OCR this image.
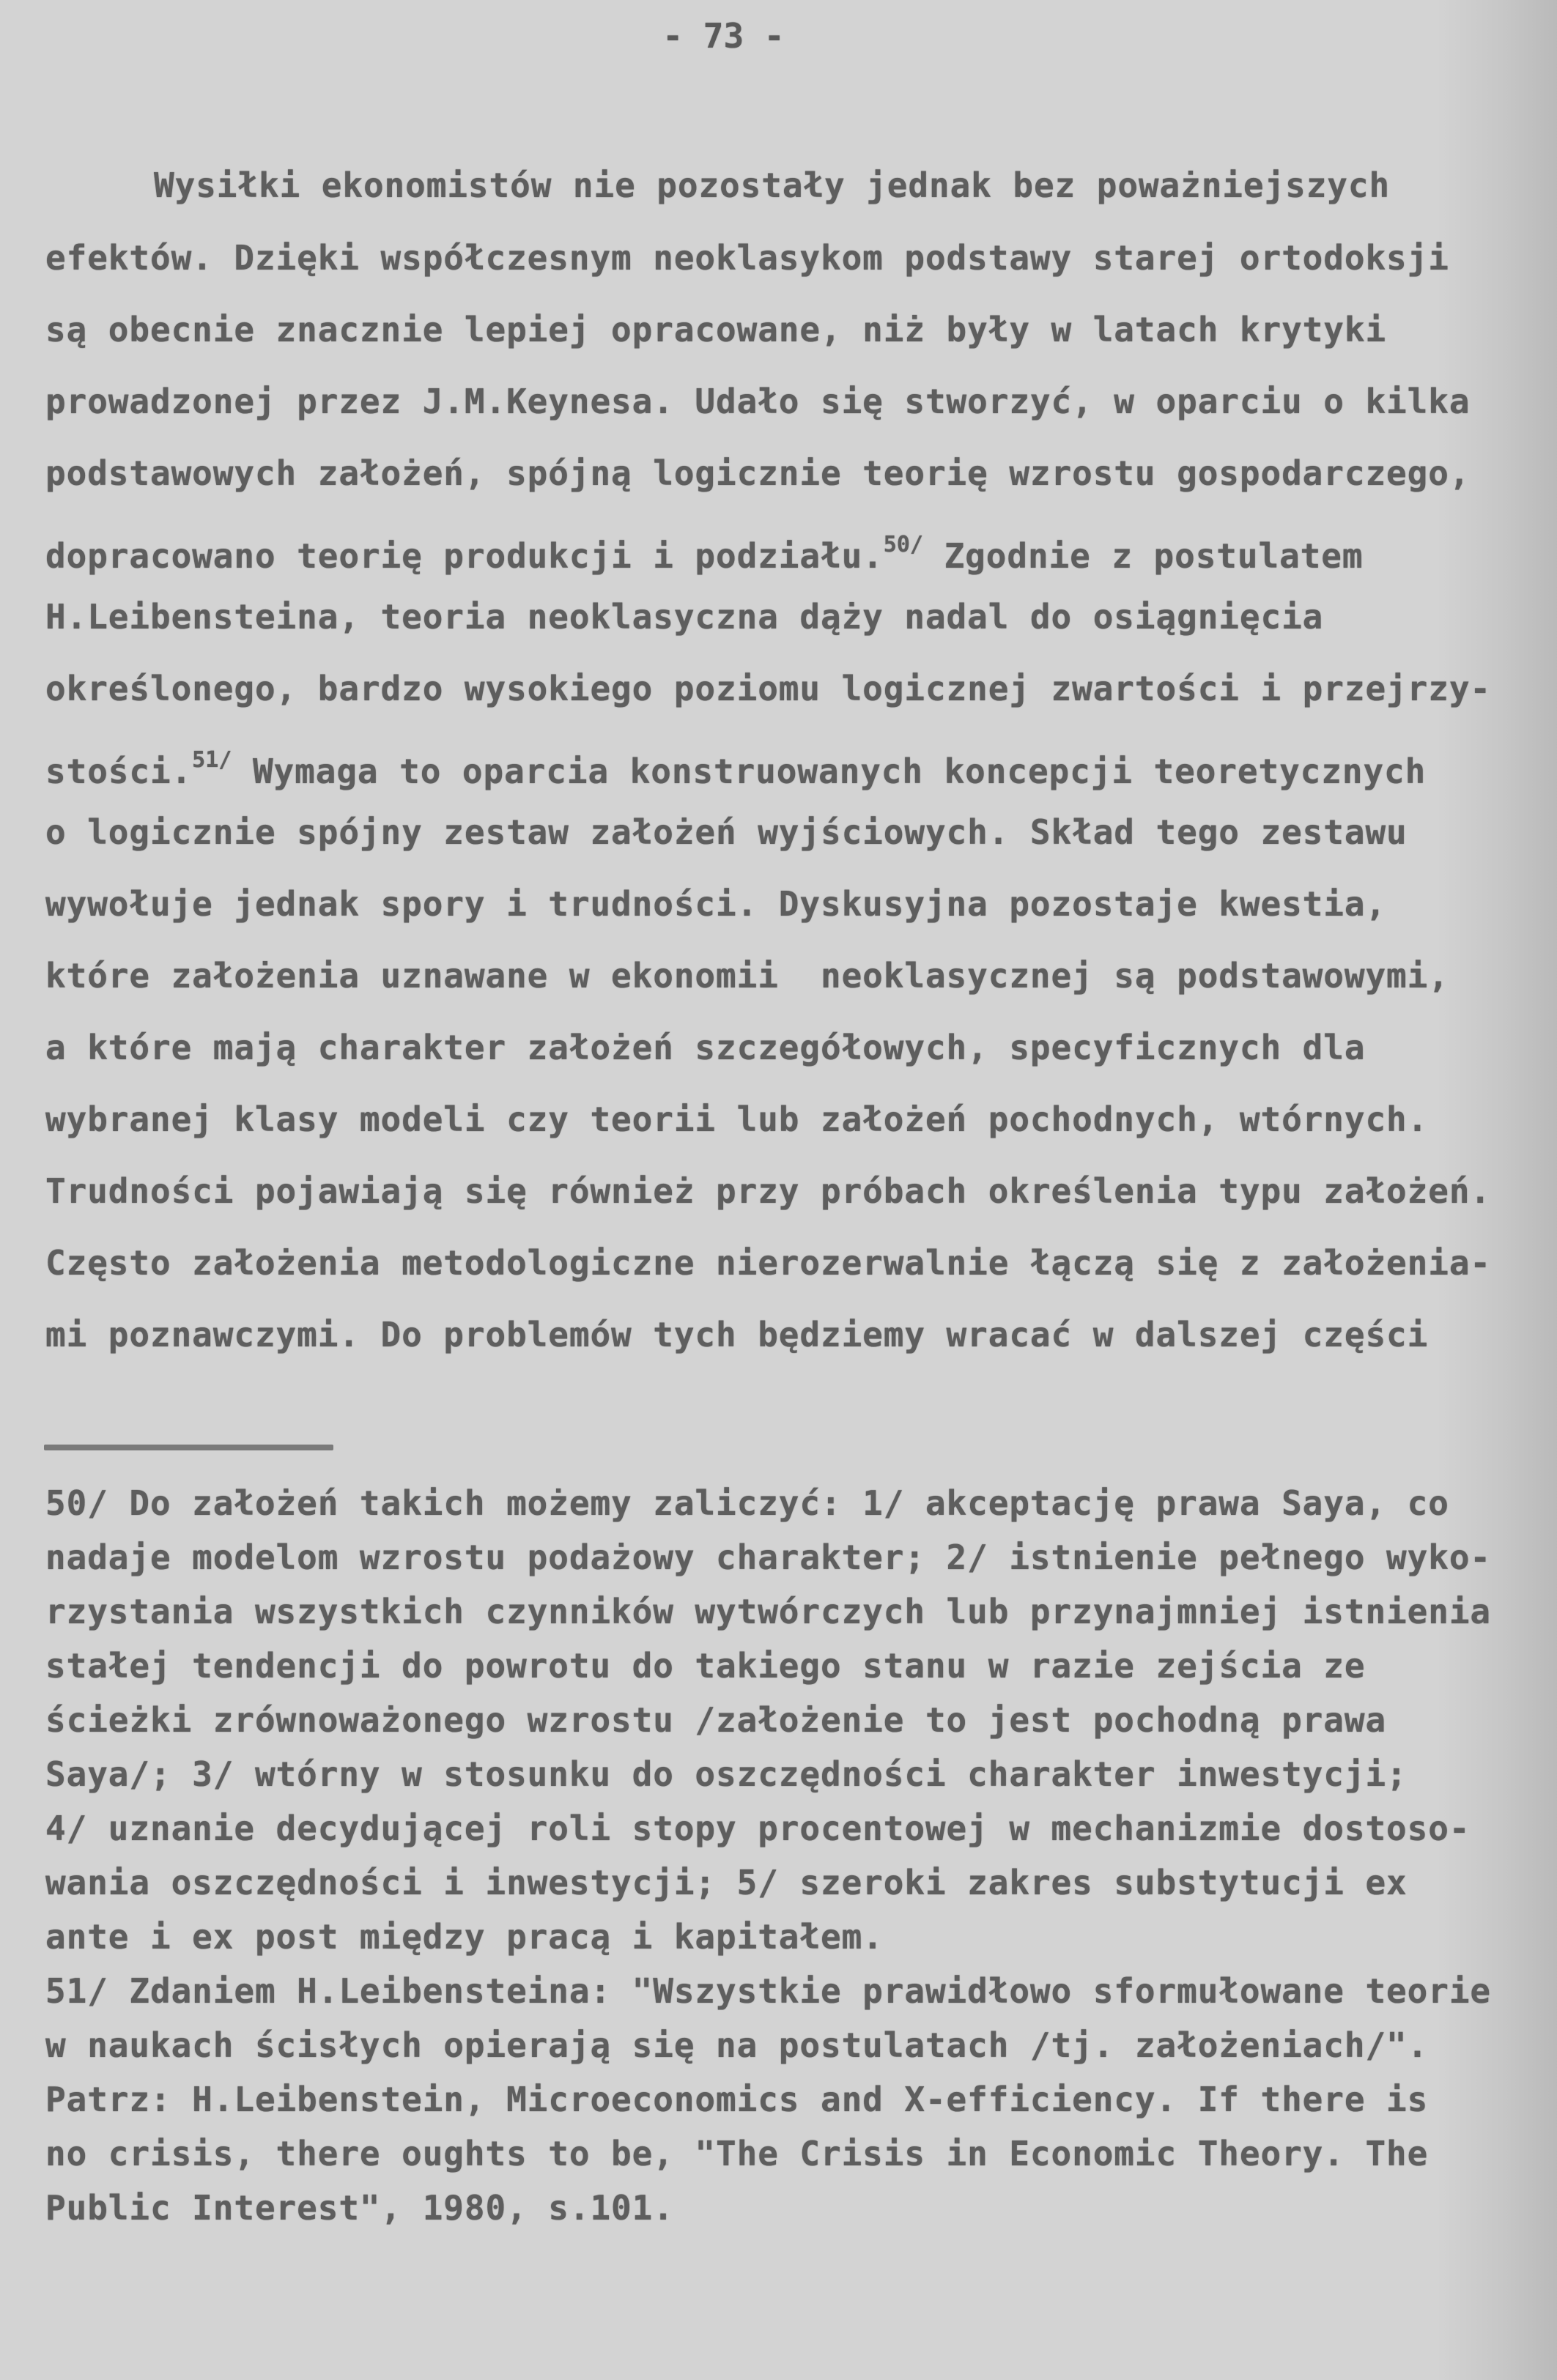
- 73 -
Wysiłki ekonomistów nie pozostały jednak bez poważniejszych
efektów. Dzięki współczesnym neoklasykom podstawy starej ortodoksji
są obecnie znacznie lepiej opracowane, niż były w latach krytyki
prowadzonej przez J.M.Keynesa. Udało się stworzyć, w oparciu o kilka
podstawowych założeń, spójną logicznie teorię wzrostu gospodarczego,
dopracowano teorię produkcji i podziału.$^{50/}$ Zgodnie z postulatem
H.Leibensteina, teoria neoklasyczna dąży nadal do osiągnięcia
określonego, bardzo wysokiego poziomu logicznej zwartości i przejrzy-
stości.$^{51/}$ Wymaga to oparcia konstruowanych koncepcji teoretycznych
o logicznie spójny zestaw założeń wyjściowych. Skład tego zestawu
wywołuje jednak spory i trudności. Dyskusyjna pozostaje kwestia,
które założenia uznawane w ekonomii  neoklasycznej są podstawowymi,
a które mają charakter założeń szczegółowych, specyficznych dla
wybranej klasy modeli czy teorii lub założeń pochodnych, wtórnych.
Trudności pojawiają się również przy próbach określenia typu założeń.
Często założenia metodologiczne nierozerwalnie łączą się z założenia-
mi poznawczymi. Do problemów tych będziemy wracać w dalszej części
50/ Do założeń takich możemy zaliczyć: 1/ akceptację prawa Saya, co
nadaje modelom wzrostu podażowy charakter; 2/ istnienie pełnego wyko-
rzystania wszystkich czynników wytwórczych lub przynajmniej istnienia
stałej tendencji do powrotu do takiego stanu w razie zejścia ze
ścieżki zrównoważonego wzrostu /założenie to jest pochodną prawa
Saya/; 3/ wtórny w stosunku do oszczędności charakter inwestycji;
4/ uznanie decydującej roli stopy procentowej w mechanizmie dostoso-
wania oszczędności i inwestycji; 5/ szeroki zakres substytucji ex
ante i ex post między pracą i kapitałem.
51/ Zdaniem H.Leibensteina: "Wszystkie prawidłowo sformułowane teorie
w naukach ścisłych opierają się na postulatach /tj. założeniach/".
Patrz: H.Leibenstein, Microeconomics and X-efficiency. If there is
no crisis, there oughts to be, "The Crisis in Economic Theory. The
Public Interest", 1980, s.101.
